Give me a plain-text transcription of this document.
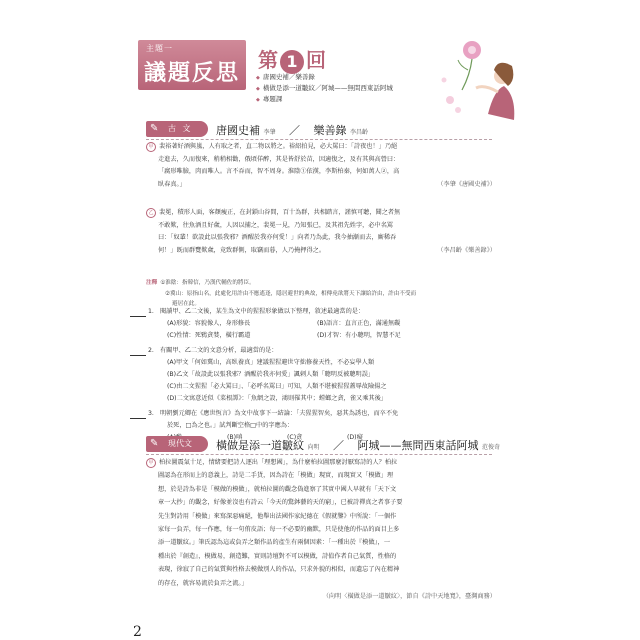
主題一
議題反思
第 1 回
◆ 唐國史補／樂善錄
◆ 橫做是添一道皺紋／阿城——無問西東話阿城
◆ 專題課
✎ 古 文 唐國史補 李肇 ／ 樂善錄 李昌齡

甲 裴裕著好酒與嵐，人有取之者，直二物以將之。裕紹拍見，必大罵曰：「詩夜也！」乃絕

走進去，久而復來，稍稍相勸，俄頃佯醉，其是皆舒於苗，因適復之，及有其與高營曰：

「腐形唯臉，肉而唯人。言不吞而，智不周身。淮陰①依漢，李斯柏秦，何如萬人②，高

臥春真。」	（李肇《唐國史補》）

乙 裴冕，積形人面，客顏瘦正，在封鎖山谷間，百十為群，共相踏言，謹慎可聽，聞之者無

不敢歎，往魚酒且好歲，人因以捕之，裴冕一見，乃知張已，及其祖先姓字，必中名罵

曰：「奴輩！欲設此以張我邪？酒醒於我亦何愛！」向者乃為此，我今抽漸而去，廝稀吞

何！」既而群覽歎歲，竟致群側，取竊而暮，人乃掩押得之。	（李昌齡《樂善錄》）

注釋 ①淮陰：指韓信，乃漢代輔佐的將臣。
②冀山：原指山名，此處化用許由不應遙逢，隱居避世的典故，相傳堯欲將天下讓給許由，許由不受而
避居在此。
1. 閱讀甲、乙二文後，某生為文中的猩猩形象做以下整理，敘述最適當的是：
(A)形貌：容貌像人，身形修長	(B)語言：直言正色，滿通無礙
(C)性情：死鴉貪婪，橫行霸道	(D)才智：有小聰明，智慧不足
2. 有關甲、乙二文的文意分析，最適當的是：
(A)甲文「何如冀山，高臥養真」建議猩猩避世守拙修養天性，不必妄學人類
(B)乙文「故設此以張我邪？酒醒於我亦何愛」諷刺人類「聰明反被聰明誤」
(C)由二文猩猩「必大罵曰」、「必呼名罵曰」可知，人類不堪被猩猩蓋辱故險揚之
(D)二文寓意近似《菜根譚》：「魚網之設，鴻則罹其中；螳螂之貪，雀又乘其後」
3. 明朝劉元卿在《應世恆言》為文中故事下一結論：「夫猩猩智矣，惡其為誘也，而卒不免
於死，□為之也。」試判斷空格□中的字應為：
(B)嗔	(C)貪	(D)癡
✎ 現代文 橫做是添一道皺紋 向明 ／ 阿城——無問西東話阿城 范俊奇

甲 柏拉圖震氣十足，情緒要把詩人逐出「理想國」，為什麼柏拉圖那麼討厭寫詩的人？柏拉

圖認為在形而上的意義上，詩是二手貨，因為詩在「模做」現實，而現實又「模做」理

想，於是詩為非是「模做的模做」，就柏拉圖的觀念偽進察了其實中國人早就有「天下文

章一大抄」的觀念，好像並沒也有詩云「今天的驚鉢藝的天的窮」，已被詩禪真之者事子要

先生對詩用「模做」來寫深惡痛絕，他舉出法國作家紀德在《假就鑒》中所說：「一個作

家每一負弄，每一作應，每一句侑皮語；每一不必要的幽默，只是使他的作品的面目上多

添一道皺紋。」筆氏認為這或負弄之類作品的產生有兩個因素：「一種出於『模做』，一

種出於『創造』，模做易，創造難，實則詩壇對不可以模做，詩值作者自己氣質，性格的

表現，徐寂了自己的氣質與性格去模做別人的作品，只求外貌的相似，而遺忘了內在精神

的存在，就容易流於負弄之流。」

（向明〈橫做是添一道皺紋〉，節自《詩中天地寬》，臺灣商務）

2
